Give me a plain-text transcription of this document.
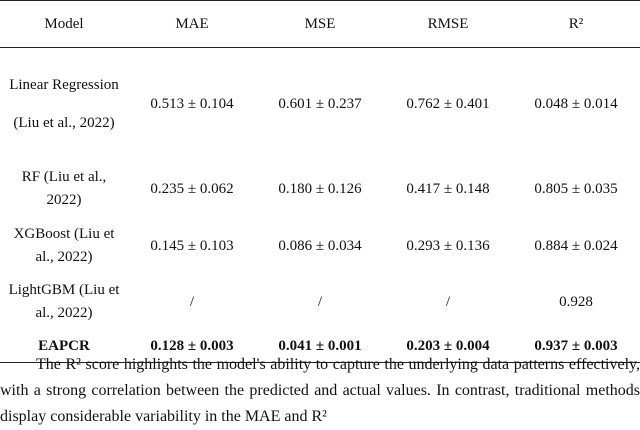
Model	MAE	MSE	RMSE	R²
Linear Regression (Liu et al., 2022)	0.513 ± 0.104	0.601 ± 0.237	0.762 ± 0.401	0.048 ± 0.014
RF (Liu et al., 2022)	0.235 ± 0.062	0.180 ± 0.126	0.417 ± 0.148	0.805 ± 0.035
XGBoost (Liu et al., 2022)	0.145 ± 0.103	0.086 ± 0.034	0.293 ± 0.136	0.884 ± 0.024
LightGBM (Liu et al., 2022)	/	/	/	0.928
EAPCR	0.128 ± 0.003	0.041 ± 0.001	0.203 ± 0.004	0.937 ± 0.003

The R² score highlights the model's ability to capture the underlying data patterns effectively, with a strong correlation between the predicted and actual values. In contrast, traditional methods display considerable variability in the MAE and R²
